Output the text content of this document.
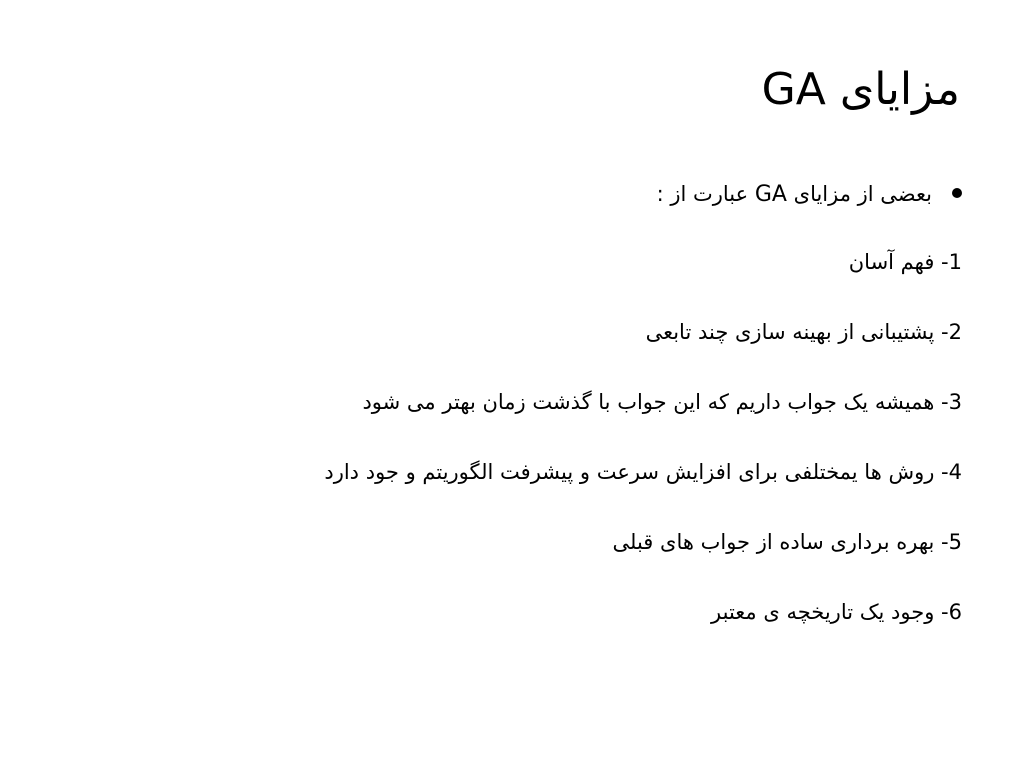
مزایای GA
بعضی از مزایای GA عبارت از :
1- فهم آسان
2- پشتیبانی از بهینه سازی چند تابعی
3- همیشه یک جواب داریم که این جواب با گذشت زمان بهتر می شود
4- روش ها یمختلفی برای افزایش سرعت و پیشرفت الگوریتم و جود دارد
5- بهره برداری ساده از جواب های قبلی
6- وجود یک تاریخچه ی معتبر
